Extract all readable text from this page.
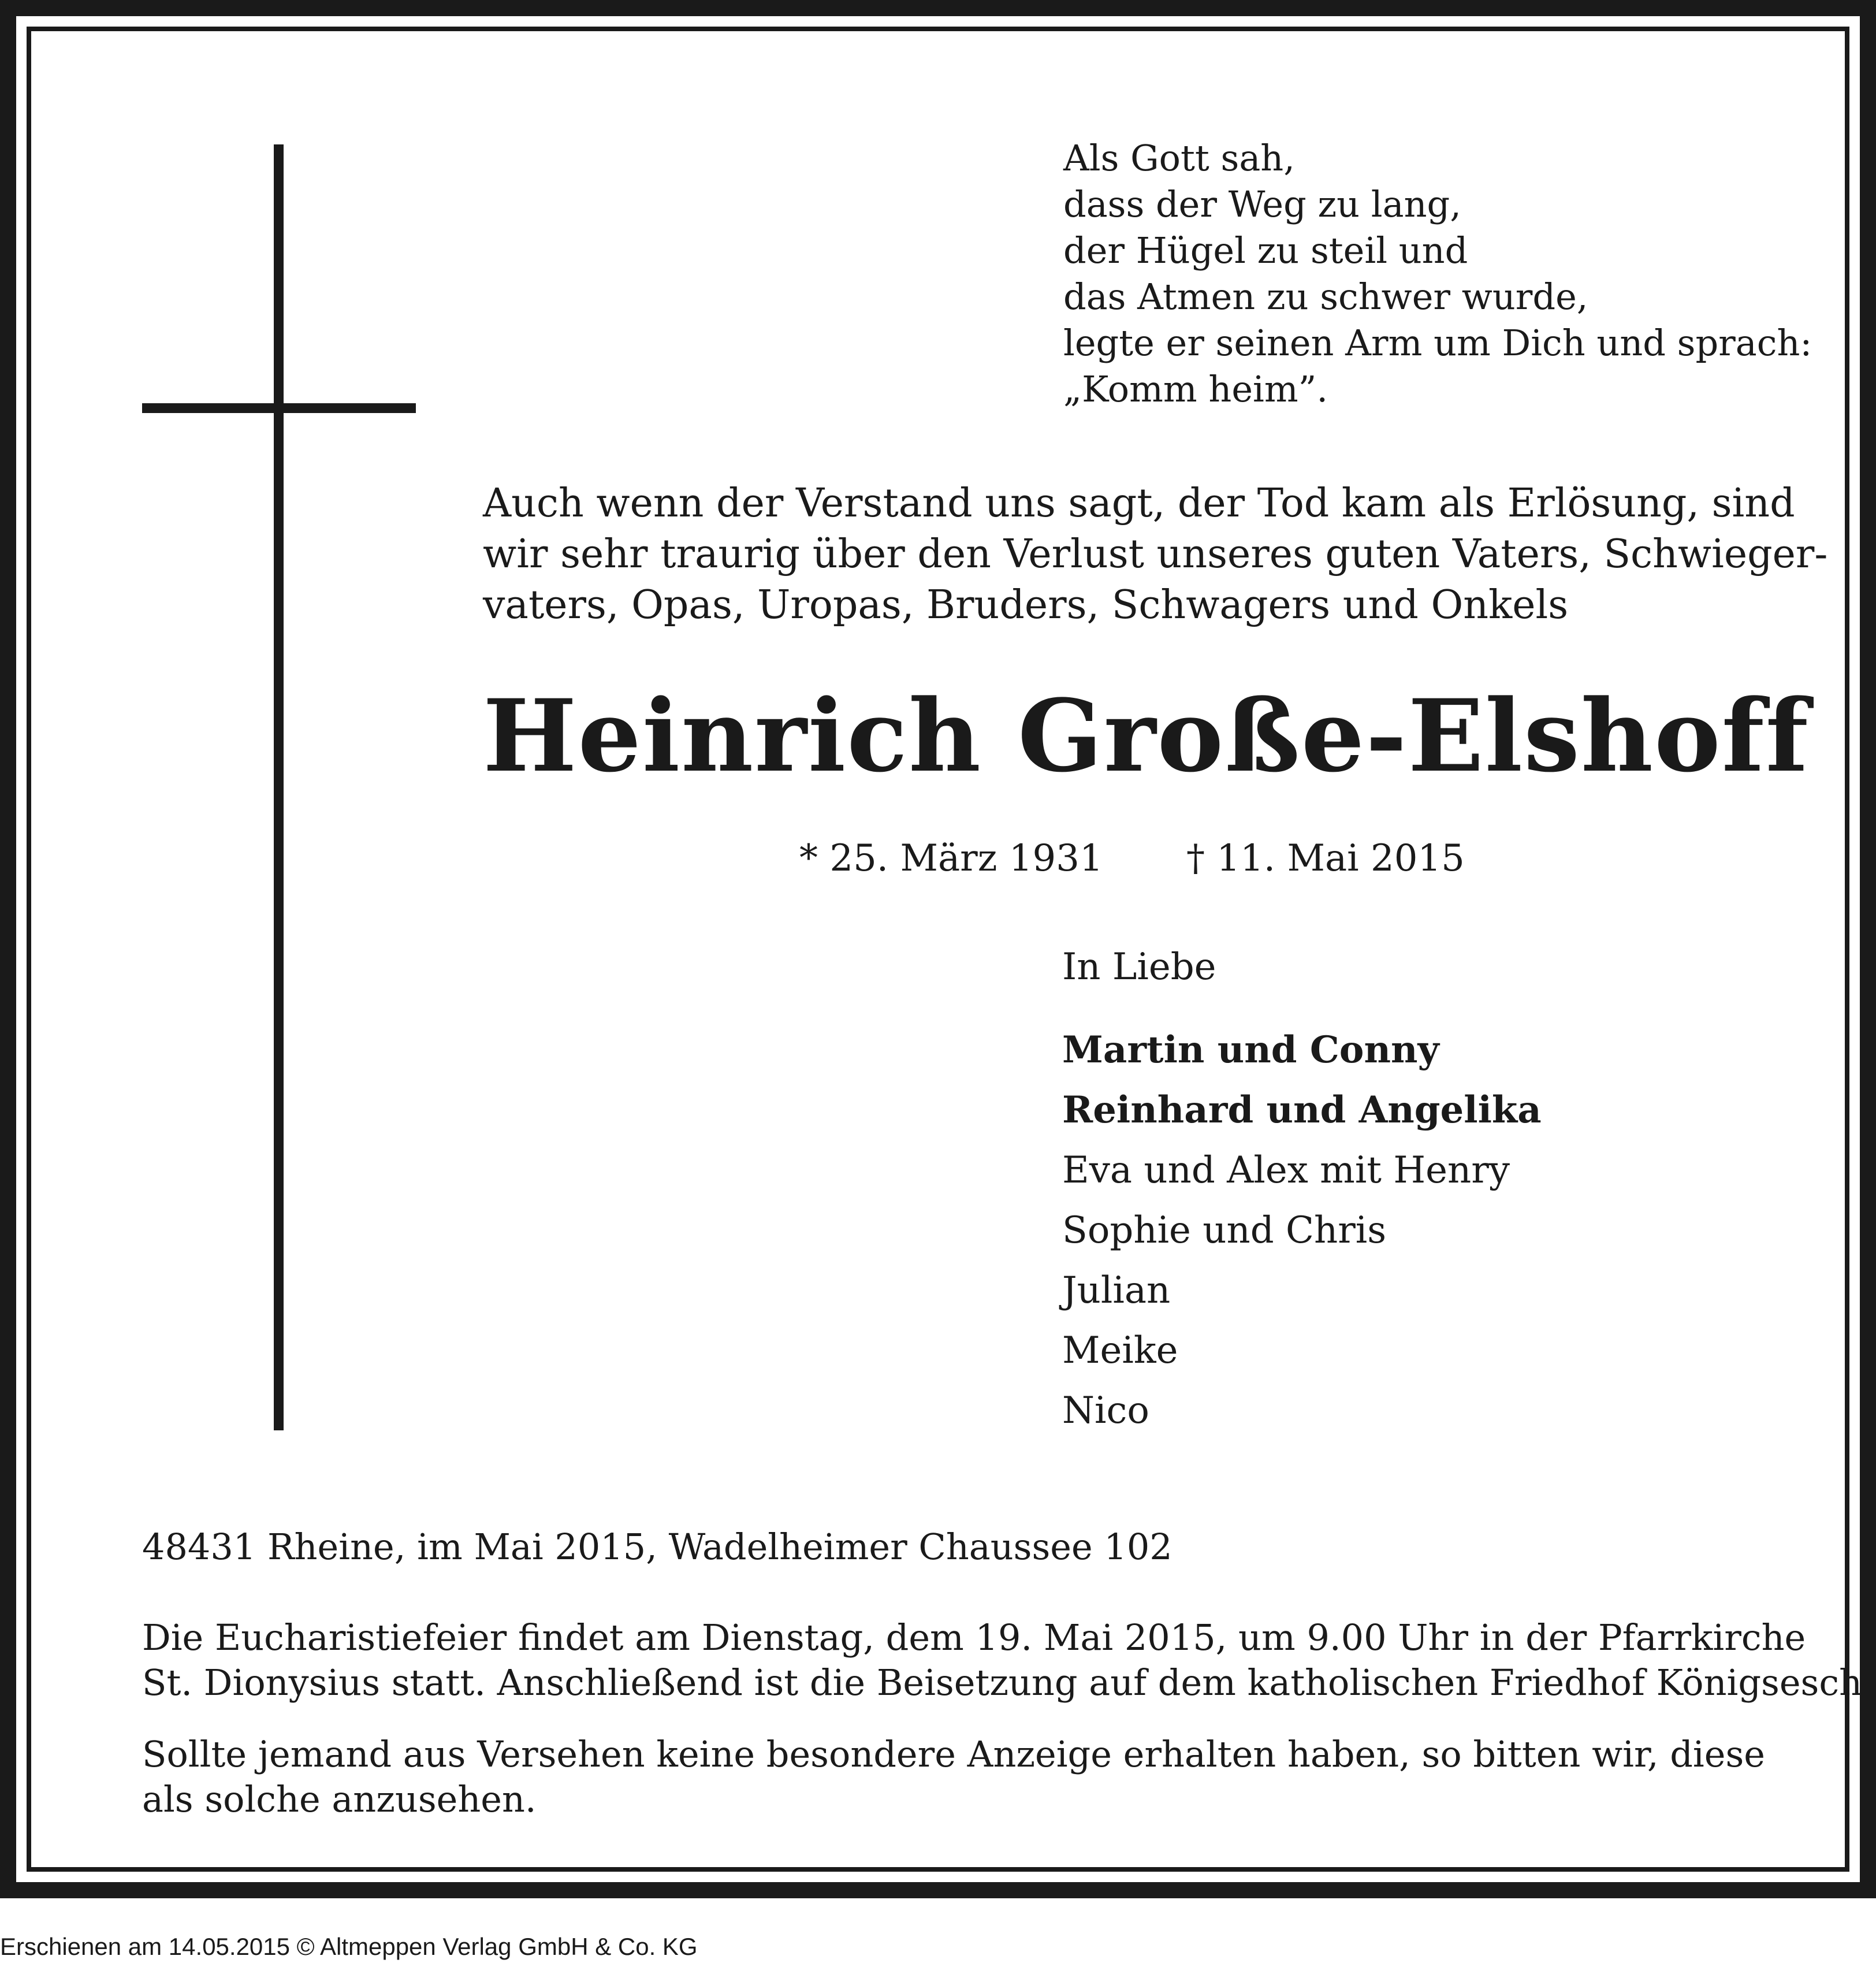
Als Gott sah,
dass der Weg zu lang,
der Hügel zu steil und
das Atmen zu schwer wurde,
legte er seinen Arm um Dich und sprach:
„Komm heim”.
Auch wenn der Verstand uns sagt, der Tod kam als Erlösung, sind
wir sehr traurig über den Verlust unseres guten Vaters, Schwieger-
vaters, Opas, Uropas, Bruders, Schwagers und Onkels
Heinrich Große-Elshoff
* 25. März 1931 † 11. Mai 2015
In Liebe
Martin und Conny
Reinhard und Angelika
Eva und Alex mit Henry
Sophie und Chris
Julian
Meike
Nico
48431 Rheine, im Mai 2015, Wadelheimer Chaussee 102
Die Eucharistiefeier findet am Dienstag, dem 19. Mai 2015, um 9.00 Uhr in der Pfarrkirche
St. Dionysius statt. Anschließend ist die Beisetzung auf dem katholischen Friedhof Königsesch.
Sollte jemand aus Versehen keine besondere Anzeige erhalten haben, so bitten wir, diese
als solche anzusehen.
Erschienen am 14.05.2015 © Altmeppen Verlag GmbH & Co. KG
